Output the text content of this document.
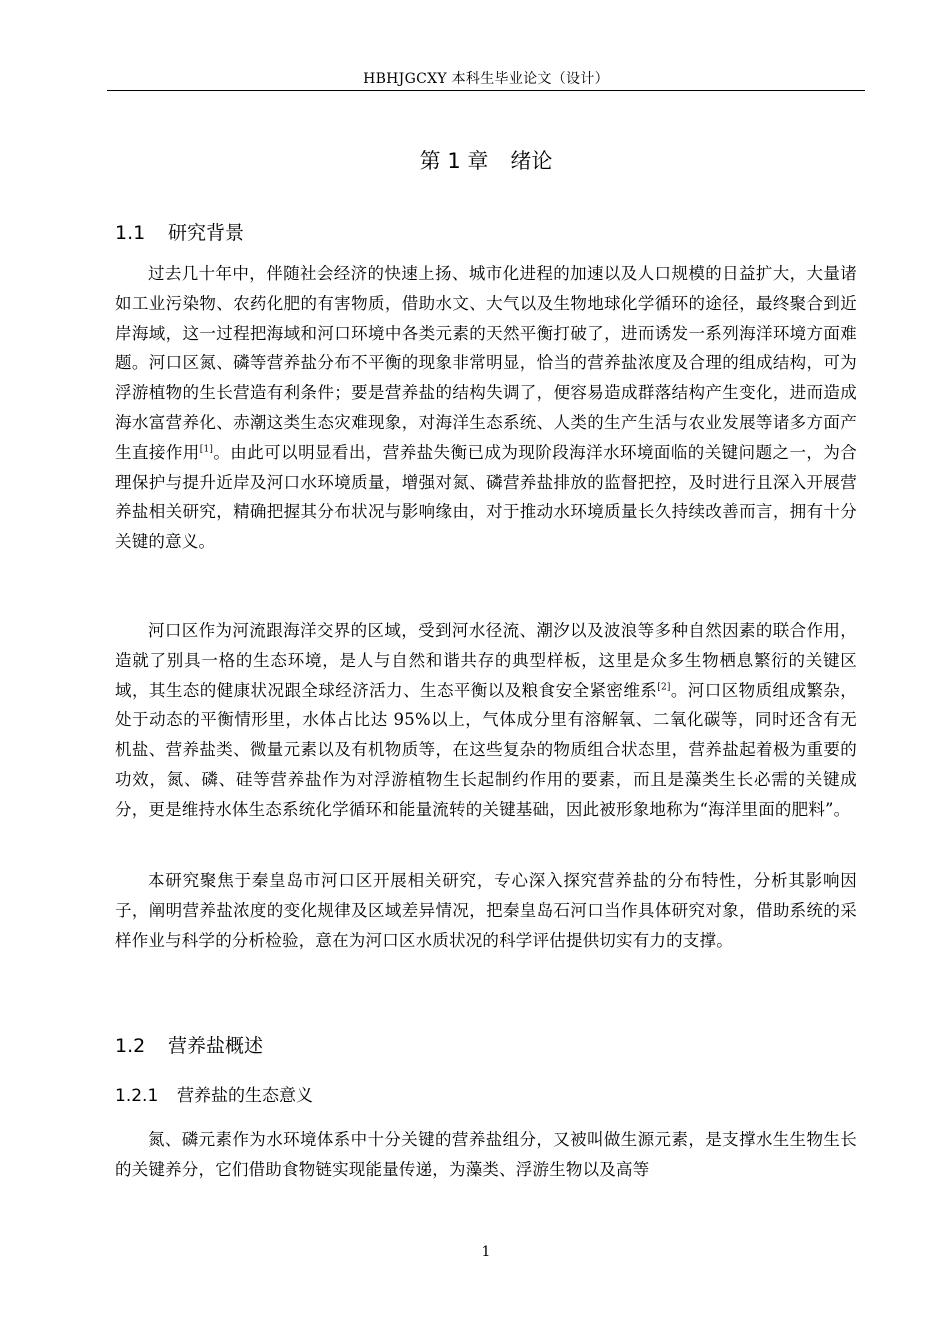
HBHJGCXY 本科生毕业论文（设计）
第 1 章 绪论
1.1 研究背景

过去几十年中，伴随社会经济的快速上扬、城市化进程的加速以及人口规模的日益扩大，大量诸如工业污染物、农药化肥的有害物质，借助水文、大气以及生物地球化学循环的途径，最终聚合到近岸海域，这一过程把海域和河口环境中各类元素的天然平衡打破了，进而诱发一系列海洋环境方面难题。河口区氮、磷等营养盐分布不平衡的现象非常明显，恰当的营养盐浓度及合理的组成结构，可为浮游植物的生长营造有利条件；要是营养盐的结构失调了，便容易造成群落结构产生变化，进而造成海水富营养化、赤潮这类生态灾难现象，对海洋生态系统、人类的生产生活与农业发展等诸多方面产生直接作用[1]。由此可以明显看出，营养盐失衡已成为现阶段海洋水环境面临的关键问题之一，为合理保护与提升近岸及河口水环境质量，增强对氮、磷营养盐排放的监督把控，及时进行且深入开展营养盐相关研究，精确把握其分布状况与影响缘由，对于推动水环境质量长久持续改善而言，拥有十分关键的意义。

河口区作为河流跟海洋交界的区域，受到河水径流、潮汐以及波浪等多种自然因素的联合作用，造就了别具一格的生态环境，是人与自然和谐共存的典型样板，这里是众多生物栖息繁衍的关键区域，其生态的健康状况跟全球经济活力、生态平衡以及粮食安全紧密维系[2]。河口区物质组成繁杂，处于动态的平衡情形里，水体占比达 95%以上，气体成分里有溶解氧、二氧化碳等，同时还含有无机盐、营养盐类、微量元素以及有机物质等，在这些复杂的物质组合状态里，营养盐起着极为重要的功效，氮、磷、硅等营养盐作为对浮游植物生长起制约作用的要素，而且是藻类生长必需的关键成分，更是维持水体生态系统化学循环和能量流转的关键基础，因此被形象地称为“海洋里面的肥料”。

本研究聚焦于秦皇岛市河口区开展相关研究，专心深入探究营养盐的分布特性，分析其影响因子，阐明营养盐浓度的变化规律及区域差异情况，把秦皇岛石河口当作具体研究对象，借助系统的采样作业与科学的分析检验，意在为河口区水质状况的科学评估提供切实有力的支撑。

1.2 营养盐概述
1.2.1 营养盐的生态意义

氮、磷元素作为水环境体系中十分关键的营养盐组分，又被叫做生源元素，是支撑水生生物生长的关键养分，它们借助食物链实现能量传递，为藻类、浮游生物以及高等

1
